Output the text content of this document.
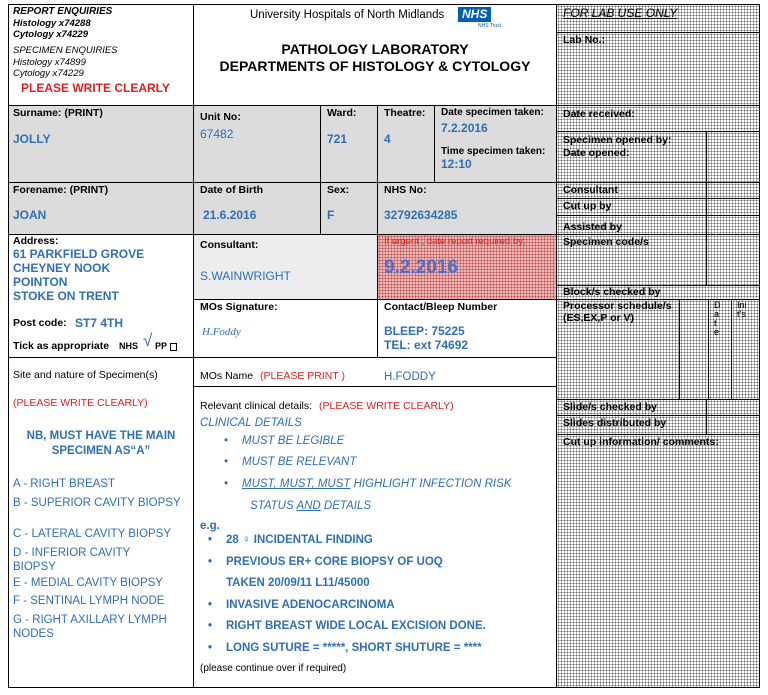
REPORT ENQUIRIES
Histology x74288
Cytology x74229
SPECIMEN ENQUIRIES
Histology x74899
Cytology x74229
PLEASE WRITE CLEARLY
University Hospitals of North Midlands	NHS
NHS Trust
PATHOLOGY LABORATORY
DEPARTMENTS OF HISTOLOGY & CYTOLOGY
Surname: (PRINT)
JOLLY
Unit No:
67482
Ward:
721
Theatre:
4
Date specimen taken:
7.2.2016
Time specimen taken:
12:10
Forename: (PRINT)
JOAN
Date of Birth
21.6.2016
Sex:
F
NHS No:
32792634285
Address:
61 PARKFIELD GROVE
CHEYNEY NOOK
POINTON
STOKE ON TRENT
Post code: ST7 4TH
Tick as appropriate NHS √ PP
Consultant:
S.WAINWRIGHT
If urgent , date report required by:
9.2.2016
MOs Signature:
H.Foddy
Contact/Bleep Number
BLEEP: 75225
TEL: ext 74692
Site and nature of Specimen(s)
(PLEASE WRITE CLEARLY)
NB, MUST HAVE THE MAIN SPECIMEN AS“A”
A - RIGHT BREAST
B - SUPERIOR CAVITY BIOPSY
C - LATERAL CAVITY BIOPSY
D - INFERIOR CAVITY BIOPSY
E - MEDIAL CAVITY BIOPSY
F - SENTINAL LYMPH NODE
G - RIGHT AXILLARY LYMPH NODES
MOs Name (PLEASE PRINT )	H.FODDY
Relevant clinical details: (PLEASE WRITE CLEARLY)
CLINICAL DETAILS
• MUST BE LEGIBLE
• MUST BE RELEVANT
• MUST, MUST, MUST HIGHLIGHT INFECTION RISK
STATUS AND DETAILS
e.g.
• 28 ♀ INCIDENTAL FINDING
• PREVIOUS ER+ CORE BIOPSY OF UOQ
TAKEN 20/09/11 L11/45000
• INVASIVE ADENOCARCINOMA
• RIGHT BREAST WIDE LOCAL EXCISION DONE.
• LONG SUTURE = *****, SHORT SHUTURE = ****
(please continue over if required)
FOR LAB USE ONLY
Lab No.:
Date received:
Specimen opened by:
Date opened:
Consultant
Cut up by
Assisted by
Specimen code/s
Block/s checked by
Processor schedule/s (ES,EX,P or V)
Date
Init's
Slide/s checked by
Slides distributed by
Cut up information/ comments:
